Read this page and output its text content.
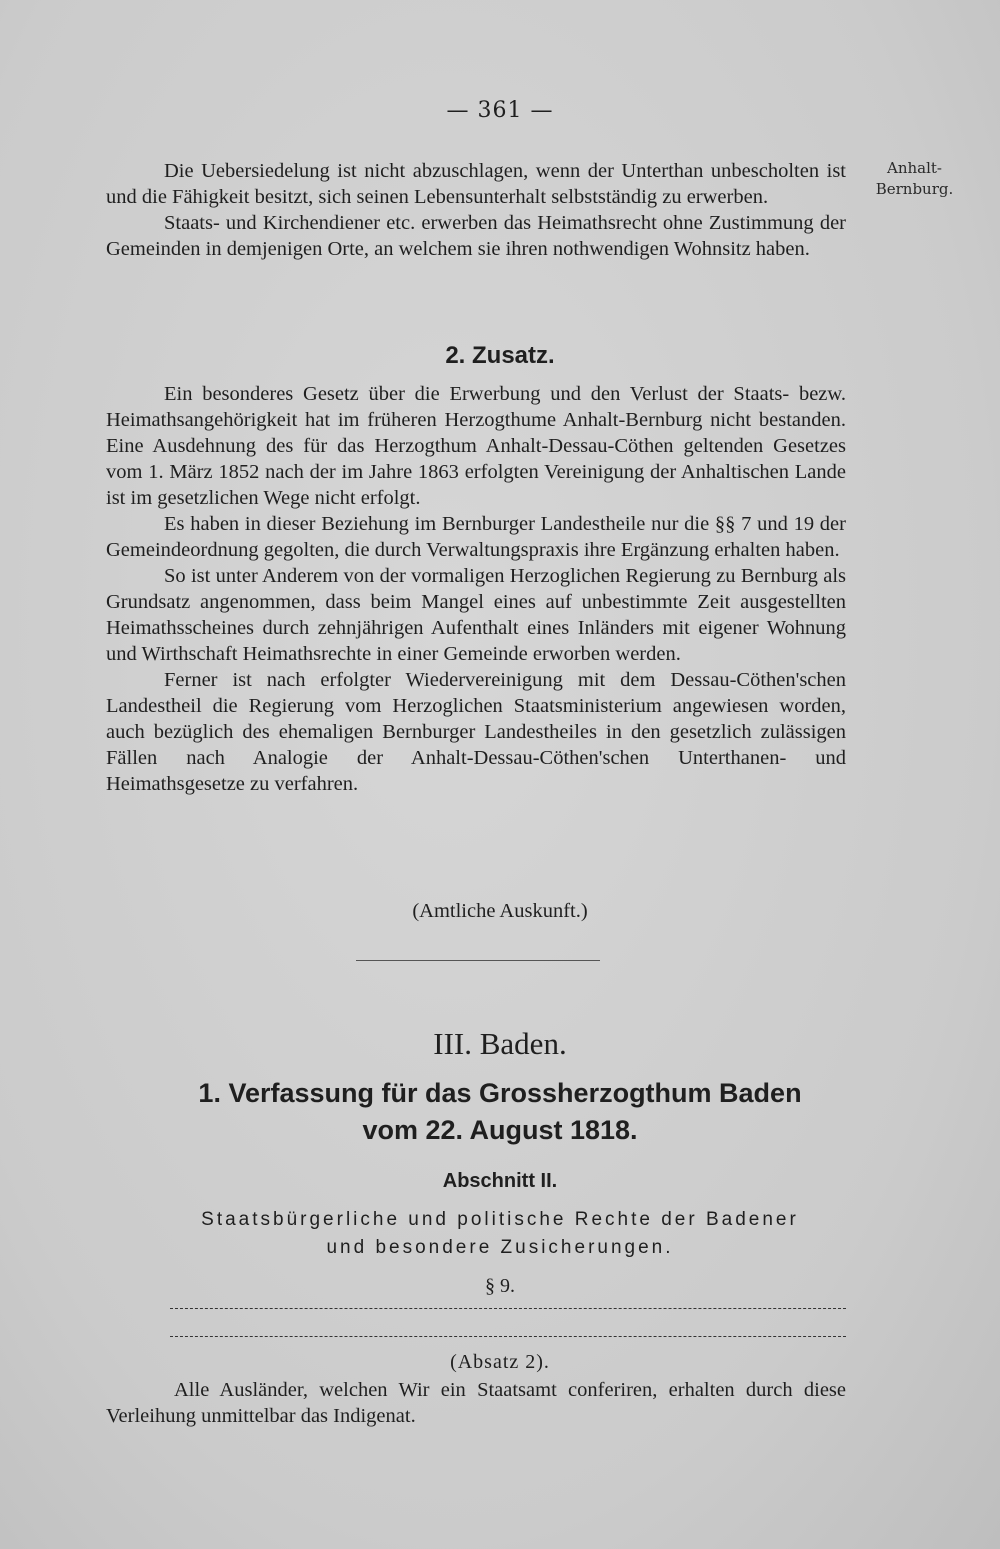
— 361 —
Anhalt-
Bernburg.

Die Uebersiedelung ist nicht abzuschlagen, wenn der Unterthan unbescholten ist und die Fähigkeit besitzt, sich seinen Lebensunterhalt selbstständig zu erwerben.

Staats- und Kirchendiener etc. erwerben das Heimathsrecht ohne Zustimmung der Gemeinden in demjenigen Orte, an welchem sie ihren nothwendigen Wohnsitz haben.

2. Zusatz.

Ein besonderes Gesetz über die Erwerbung und den Verlust der Staats- bezw. Heimathsangehörigkeit hat im früheren Herzogthume Anhalt-Bernburg nicht bestanden. Eine Ausdehnung des für das Herzogthum Anhalt-Dessau-Cöthen geltenden Gesetzes vom 1. März 1852 nach der im Jahre 1863 erfolgten Vereinigung der Anhaltischen Lande ist im gesetzlichen Wege nicht erfolgt.

Es haben in dieser Beziehung im Bernburger Landestheile nur die §§ 7 und 19 der Gemeindeordnung gegolten, die durch Verwaltungspraxis ihre Ergänzung erhalten haben.

So ist unter Anderem von der vormaligen Herzoglichen Regierung zu Bernburg als Grundsatz angenommen, dass beim Mangel eines auf unbestimmte Zeit ausgestellten Heimathsscheines durch zehnjährigen Aufenthalt eines Inländers mit eigener Wohnung und Wirthschaft Heimathsrechte in einer Gemeinde erworben werden.

Ferner ist nach erfolgter Wiedervereinigung mit dem Dessau-Cöthen'schen Landestheil die Regierung vom Herzoglichen Staatsministerium angewiesen worden, auch bezüglich des ehemaligen Bernburger Landestheiles in den gesetzlich zulässigen Fällen nach Analogie der Anhalt-Dessau-Cöthen'schen Unterthanen- und Heimathsgesetze zu verfahren.

(Amtliche Auskunft.)
III. Baden.
1. Verfassung für das Grossherzogthum Baden
vom 22. August 1818.
Abschnitt II.
Staatsbürgerliche und politische Rechte der Badener
und besondere Zusicherungen.
§ 9.
(Absatz 2).

Alle Ausländer, welchen Wir ein Staatsamt conferiren, erhalten durch diese Verleihung unmittelbar das Indigenat.
